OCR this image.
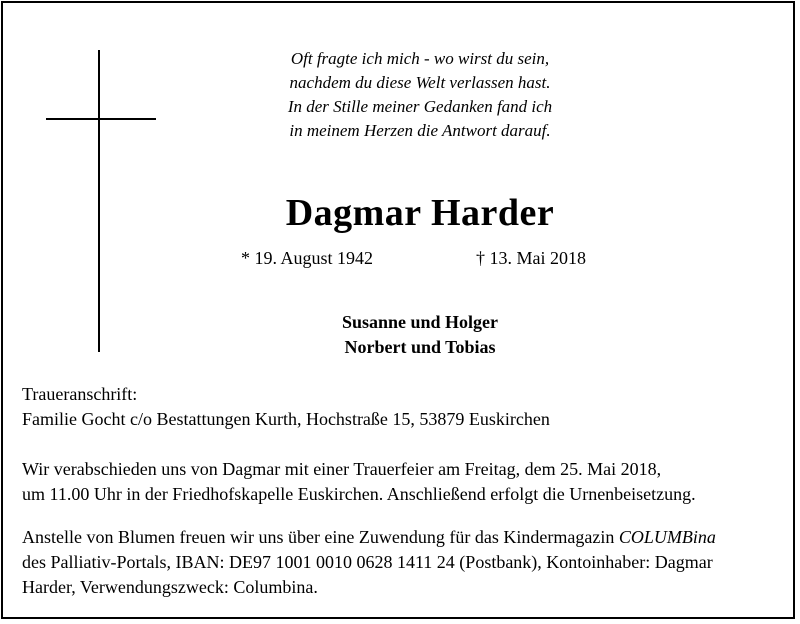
Oft fragte ich mich - wo wirst du sein,
nachdem du diese Welt verlassen hast.
In der Stille meiner Gedanken fand ich
in meinem Herzen die Antwort darauf.
Dagmar Harder
* 19. August 1942	† 13. Mai 2018
Susanne und Holger
Norbert und Tobias
Traueranschrift:
Familie Gocht c/o Bestattungen Kurth, Hochstraße 15, 53879 Euskirchen
Wir verabschieden uns von Dagmar mit einer Trauerfeier am Freitag, dem 25. Mai 2018,
um 11.00 Uhr in der Friedhofskapelle Euskirchen. Anschließend erfolgt die Urnenbeisetzung.
Anstelle von Blumen freuen wir uns über eine Zuwendung für das Kindermagazin COLUMBina
des Palliativ-Portals, IBAN: DE97 1001 0010 0628 1411 24 (Postbank), Kontoinhaber: Dagmar
Harder, Verwendungszweck: Columbina.
